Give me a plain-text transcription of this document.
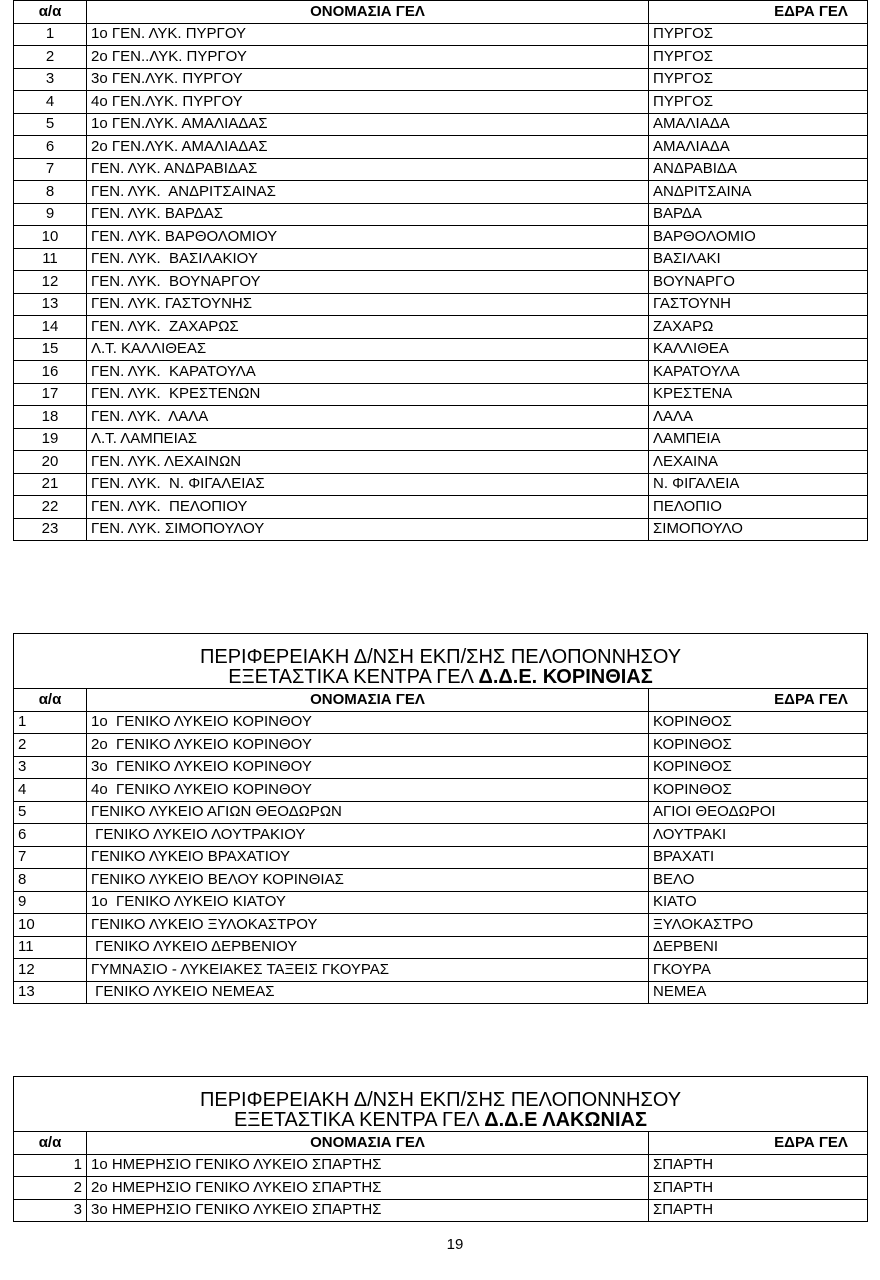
α/α	ΟΝΟΜΑΣΙΑ ΓΕΛ	ΕΔΡΑ ΓΕΛ
1	1ο ΓΕΝ. ΛΥΚ. ΠΥΡΓΟΥ	ΠΥΡΓΟΣ
2	2ο ΓΕΝ..ΛΥΚ. ΠΥΡΓΟΥ	ΠΥΡΓΟΣ
3	3ο ΓΕΝ.ΛΥΚ. ΠΥΡΓΟΥ	ΠΥΡΓΟΣ
4	4ο ΓΕΝ.ΛΥΚ. ΠΥΡΓΟΥ	ΠΥΡΓΟΣ
5	1ο ΓΕΝ.ΛΥΚ. ΑΜΑΛΙΑΔΑΣ	ΑΜΑΛΙΑΔΑ
6	2ο ΓΕΝ.ΛΥΚ. ΑΜΑΛΙΑΔΑΣ	ΑΜΑΛΙΑΔΑ
7	ΓΕΝ. ΛΥΚ. ΑΝΔΡΑΒΙΔΑΣ	ΑΝΔΡΑΒΙΔΑ
8	ΓΕΝ. ΛΥΚ.  ΑΝΔΡΙΤΣΑΙΝΑΣ	ΑΝΔΡΙΤΣΑΙΝΑ
9	ΓΕΝ. ΛΥΚ. ΒΑΡΔΑΣ	ΒΑΡΔΑ
10	ΓΕΝ. ΛΥΚ. ΒΑΡΘΟΛΟΜΙΟΥ	ΒΑΡΘΟΛΟΜΙΟ
11	ΓΕΝ. ΛΥΚ.  ΒΑΣΙΛΑΚΙΟΥ	ΒΑΣΙΛΑΚΙ
12	ΓΕΝ. ΛΥΚ.  ΒΟΥΝΑΡΓΟΥ	ΒΟΥΝΑΡΓΟ
13	ΓΕΝ. ΛΥΚ. ΓΑΣΤΟΥΝΗΣ	ΓΑΣΤΟΥΝΗ
14	ΓΕΝ. ΛΥΚ.  ΖΑΧΑΡΩΣ	ΖΑΧΑΡΩ
15	Λ.Τ. ΚΑΛΛΙΘΕΑΣ	ΚΑΛΛΙΘΕΑ
16	ΓΕΝ. ΛΥΚ.  ΚΑΡΑΤΟΥΛΑ	ΚΑΡΑΤΟΥΛΑ
17	ΓΕΝ. ΛΥΚ.  ΚΡΕΣΤΕΝΩΝ	ΚΡΕΣΤΕΝΑ
18	ΓΕΝ. ΛΥΚ.  ΛΑΛΑ	ΛΑΛΑ
19	Λ.Τ. ΛΑΜΠΕΙΑΣ	ΛΑΜΠΕΙΑ
20	ΓΕΝ. ΛΥΚ. ΛΕΧΑΙΝΩΝ	ΛΕΧΑΙΝΑ
21	ΓΕΝ. ΛΥΚ.  Ν. ΦΙΓΑΛΕΙΑΣ	Ν. ΦΙΓΑΛΕΙΑ
22	ΓΕΝ. ΛΥΚ.  ΠΕΛΟΠΙΟΥ	ΠΕΛΟΠΙΟ
23	ΓΕΝ. ΛΥΚ. ΣΙΜΟΠΟΥΛΟΥ	ΣΙΜΟΠΟΥΛΟ
ΠΕΡΙΦΕΡΕΙΑΚΗ Δ/ΝΣΗ ΕΚΠ/ΣΗΣ ΠΕΛΟΠΟΝΝΗΣΟΥ
ΕΞΕΤΑΣΤΙΚΑ ΚΕΝΤΡΑ ΓΕΛ Δ.Δ.Ε. ΚΟΡΙΝΘΙΑΣ		

α/α	ΟΝΟΜΑΣΙΑ ΓΕΛ	ΕΔΡΑ ΓΕΛ
1	1ο  ΓΕΝΙΚΟ ΛΥΚΕΙΟ ΚΟΡΙΝΘΟΥ	ΚΟΡΙΝΘΟΣ
2	2ο  ΓΕΝΙΚΟ ΛΥΚΕΙΟ ΚΟΡΙΝΘΟΥ	ΚΟΡΙΝΘΟΣ
3	3ο  ΓΕΝΙΚΟ ΛΥΚΕΙΟ ΚΟΡΙΝΘΟΥ	ΚΟΡΙΝΘΟΣ
4	4ο  ΓΕΝΙΚΟ ΛΥΚΕΙΟ ΚΟΡΙΝΘΟΥ	ΚΟΡΙΝΘΟΣ
5	ΓΕΝΙΚΟ ΛΥΚΕΙΟ ΑΓΙΩΝ ΘΕΟΔΩΡΩΝ	ΑΓΙΟΙ ΘΕΟΔΩΡΟΙ
6	ΓΕΝΙΚΟ ΛΥΚΕΙΟ ΛΟΥΤΡΑΚΙΟΥ	ΛΟΥΤΡΑΚΙ
7	ΓΕΝΙΚΟ ΛΥΚΕΙΟ ΒΡΑΧΑΤΙΟΥ	ΒΡΑΧΑΤΙ
8	ΓΕΝΙΚΟ ΛΥΚΕΙΟ ΒΕΛΟΥ ΚΟΡΙΝΘΙΑΣ	ΒΕΛΟ
9	1ο  ΓΕΝΙΚΟ ΛΥΚΕΙΟ ΚΙΑΤΟΥ	ΚΙΑΤΟ
10	ΓΕΝΙΚΟ ΛΥΚΕΙΟ ΞΥΛΟΚΑΣΤΡΟΥ	ΞΥΛΟΚΑΣΤΡΟ
11	ΓΕΝΙΚΟ ΛΥΚΕΙΟ ΔΕΡΒΕΝΙΟΥ	ΔΕΡΒΕΝΙ
12	ΓΥΜΝΑΣΙΟ - ΛΥΚΕΙΑΚΕΣ ΤΑΞΕΙΣ ΓΚΟΥΡΑΣ	ΓΚΟΥΡΑ
13	ΓΕΝΙΚΟ ΛΥΚΕΙΟ ΝΕΜΕΑΣ	ΝΕΜΕΑ
ΠΕΡΙΦΕΡΕΙΑΚΗ Δ/ΝΣΗ ΕΚΠ/ΣΗΣ ΠΕΛΟΠΟΝΝΗΣΟΥ
ΕΞΕΤΑΣΤΙΚΑ ΚΕΝΤΡΑ ΓΕΛ Δ.Δ.Ε ΛΑΚΩΝΙΑΣ		

α/α	ΟΝΟΜΑΣΙΑ ΓΕΛ	ΕΔΡΑ ΓΕΛ
1	1ο ΗΜΕΡΗΣΙΟ ΓΕΝΙΚΟ ΛΥΚΕΙΟ ΣΠΑΡΤΗΣ	ΣΠΑΡΤΗ
2	2ο ΗΜΕΡΗΣΙΟ ΓΕΝΙΚΟ ΛΥΚΕΙΟ ΣΠΑΡΤΗΣ	ΣΠΑΡΤΗ
3	3ο ΗΜΕΡΗΣΙΟ ΓΕΝΙΚΟ ΛΥΚΕΙΟ ΣΠΑΡΤΗΣ	ΣΠΑΡΤΗ
19
